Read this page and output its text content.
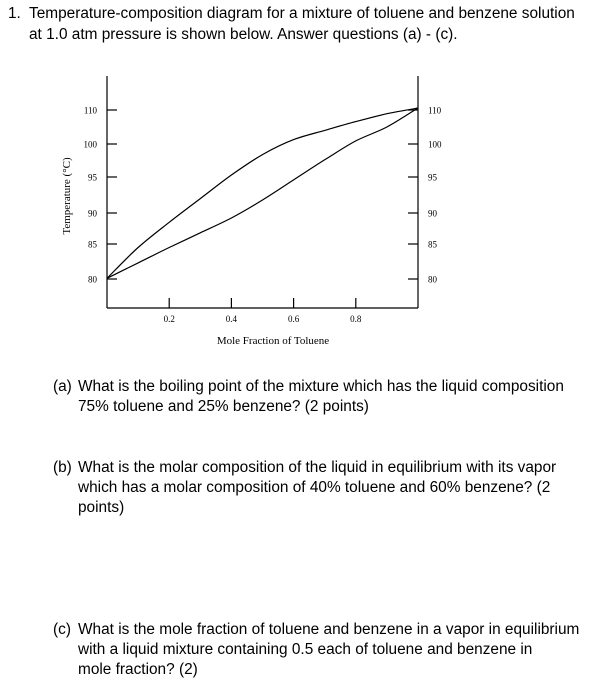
1. Temperature-composition diagram for a mixture of toluene and benzene solution at 1.0 atm pressure is shown below. Answer questions (a) - (c).
110
100
95
90
85
80
110
100
95
90
85
80
0.2	0.4	0.6	0.8
Temperature (°C)
Mole Fraction of Toluene
(a) What is the boiling point of the mixture which has the liquid composition
75% toluene and 25% benzene? (2 points)
(b) What is the molar composition of the liquid in equilibrium with its vapor
which has a molar composition of 40% toluene and 60% benzene? (2
points)
(c) What is the mole fraction of toluene and benzene in a vapor in equilibrium
with a liquid mixture containing 0.5 each of toluene and benzene in
mole fraction? (2)
